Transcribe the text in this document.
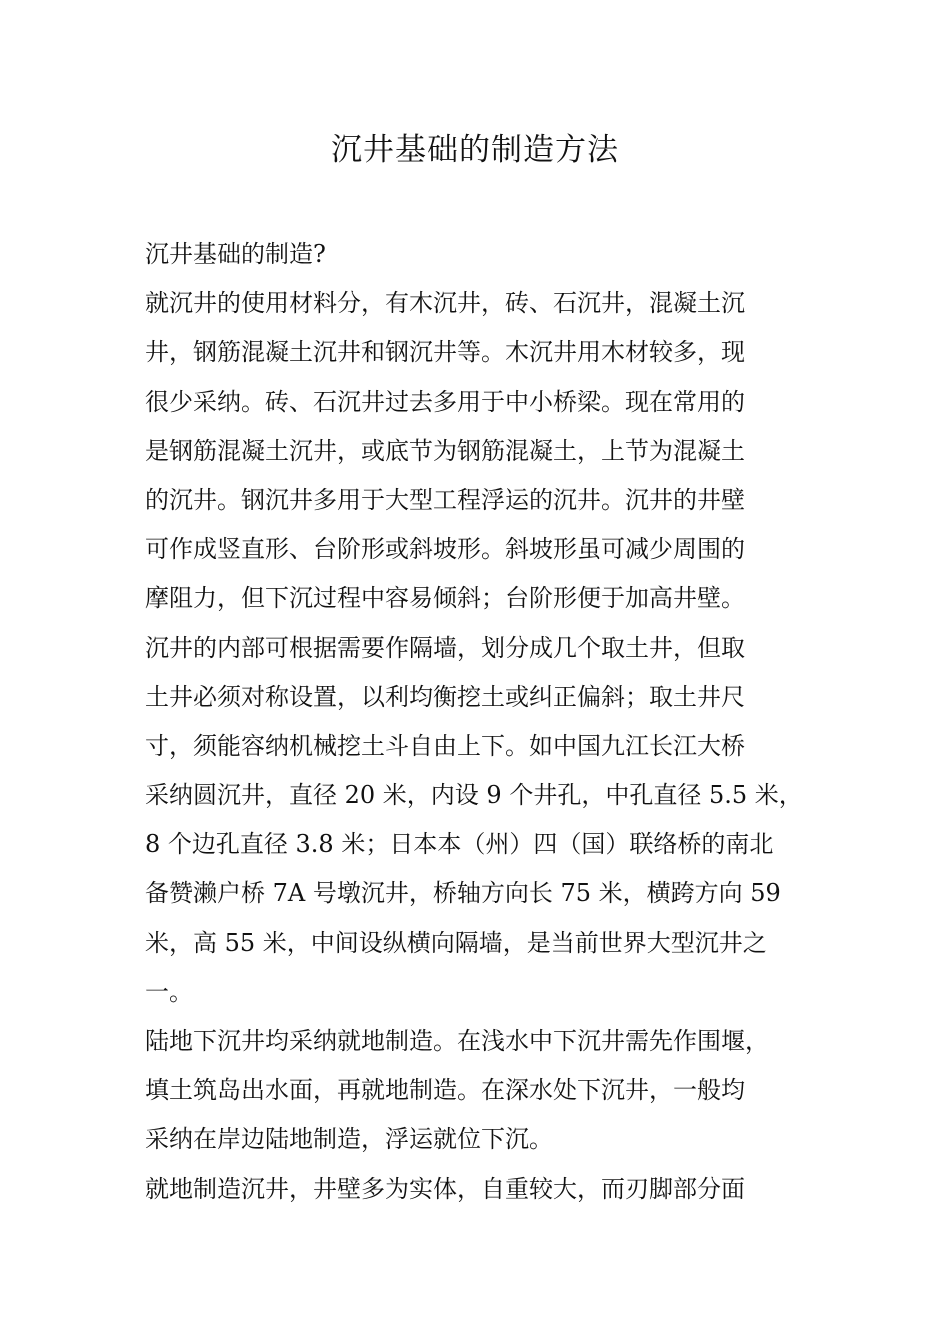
沉井基础的制造方法
沉井基础的制造?
就沉井的使用材料分，有木沉井，砖、石沉井，混凝土沉
井，钢筋混凝土沉井和钢沉井等。木沉井用木材较多，现
很少采纳。砖、石沉井过去多用于中小桥梁。现在常用的
是钢筋混凝土沉井，或底节为钢筋混凝土，上节为混凝土
的沉井。钢沉井多用于大型工程浮运的沉井。沉井的井壁
可作成竖直形、台阶形或斜坡形。斜坡形虽可减少周围的
摩阻力，但下沉过程中容易倾斜；台阶形便于加高井壁。
沉井的内部可根据需要作隔墙，划分成几个取土井，但取
土井必须对称设置，以利均衡挖土或纠正偏斜；取土井尺
寸，须能容纳机械挖土斗自由上下。如中国九江长江大桥
采纳圆沉井，直径 20 米，内设 9 个井孔，中孔直径 5.5 米，
8 个边孔直径 3.8 米；日本本（州）四（国）联络桥的南北
备赞濑户桥 7A 号墩沉井，桥轴方向长 75 米，横跨方向 59
米，高 55 米，中间设纵横向隔墙，是当前世界大型沉井之
一。
陆地下沉井均采纳就地制造。在浅水中下沉井需先作围堰，
填土筑岛出水面，再就地制造。在深水处下沉井，一般均
采纳在岸边陆地制造，浮运就位下沉。
就地制造沉井，井壁多为实体，自重较大，而刃脚部分面
